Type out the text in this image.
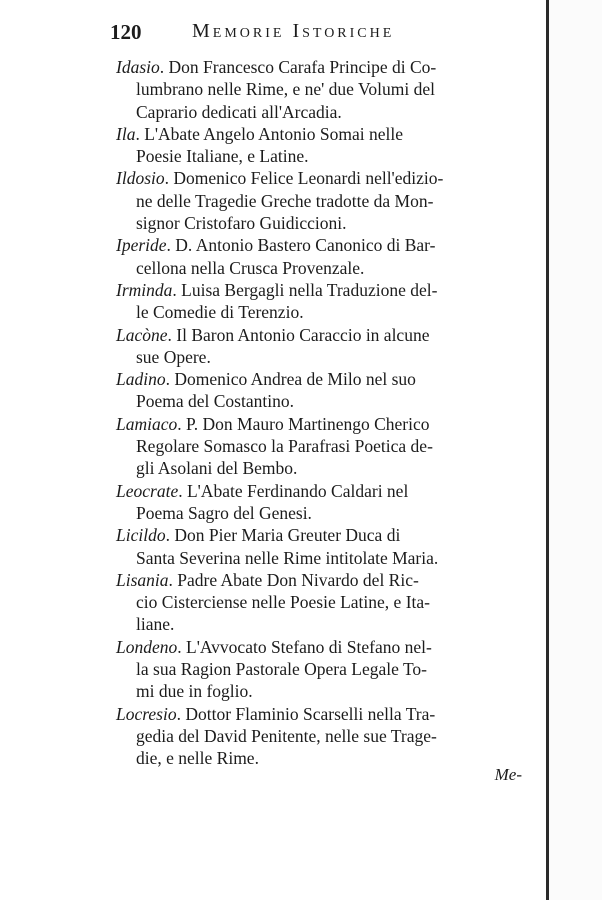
120	Memorie Istoriche
Idasio. Don Francesco Carafa Principe di Co-
lumbrano nelle Rime, e ne' due Volumi del
Caprario dedicati all'Arcadia.
Ila. L'Abate Angelo Antonio Somai nelle
Poesie Italiane, e Latine.
Ildosio. Domenico Felice Leonardi nell'edizio-
ne delle Tragedie Greche tradotte da Mon-
signor Cristofaro Guidiccioni.
Iperide. D. Antonio Bastero Canonico di Bar-
cellona nella Crusca Provenzale.
Irminda. Luisa Bergagli nella Traduzione del-
le Comedie di Terenzio.
Lacòne. Il Baron Antonio Caraccio in alcune
sue Opere.
Ladino. Domenico Andrea de Milo nel suo
Poema del Costantino.
Lamiaco. P. Don Mauro Martinengo Cherico
Regolare Somasco la Parafrasi Poetica de-
gli Asolani del Bembo.
Leocrate. L'Abate Ferdinando Caldari nel
Poema Sagro del Genesi.
Licildo. Don Pier Maria Greuter Duca di
Santa Severina nelle Rime intitolate Maria.
Lisania. Padre Abate Don Nivardo del Ric-
cio Cisterciense nelle Poesie Latine, e Ita-
liane.
Londeno. L'Avvocato Stefano di Stefano nel-
la sua Ragion Pastorale Opera Legale To-
mi due in foglio.
Locresio. Dottor Flaminio Scarselli nella Tra-
gedia del David Penitente, nelle sue Trage-
die, e nelle Rime.
Me-
